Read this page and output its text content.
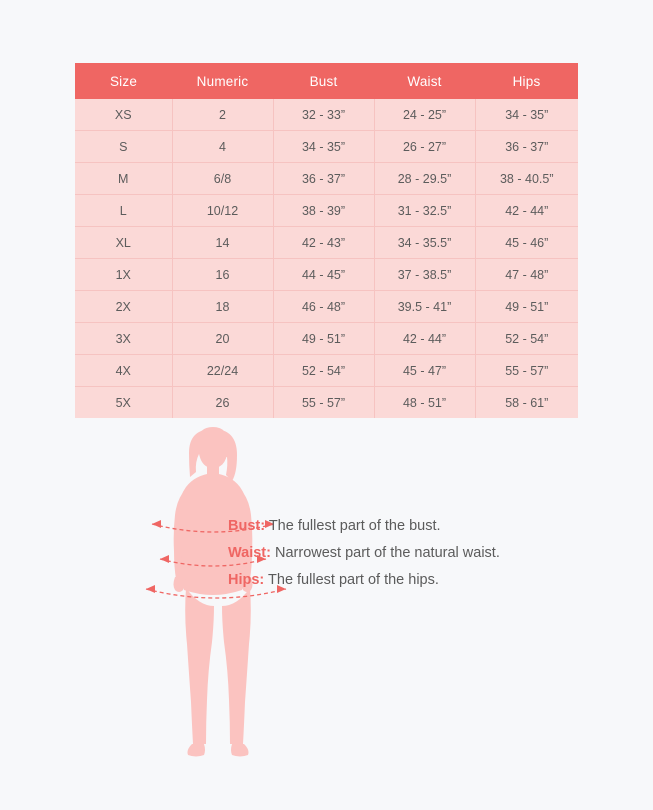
Size	Numeric	Bust	Waist	Hips
XS	2	32 - 33”	24 - 25”	34 - 35”
S	4	34 - 35”	26 - 27”	36 - 37”
M	6/8	36 - 37”	28 - 29.5”	38 - 40.5”
L	10/12	38 - 39”	31 - 32.5”	42 - 44”
XL	14	42 - 43”	34 - 35.5”	45 - 46”
1X	16	44 - 45”	37 - 38.5”	47 - 48”
2X	18	46 - 48”	39.5 - 41”	49 - 51”
3X	20	49 - 51”	42 - 44”	52 - 54”
4X	22/24	52 - 54”	45 - 47”	55 - 57”
5X	26	55 - 57”	48 - 51”	58 - 61”
Bust: The fullest part of the bust.
Waist: Narrowest part of the natural waist.
Hips: The fullest part of the hips.
